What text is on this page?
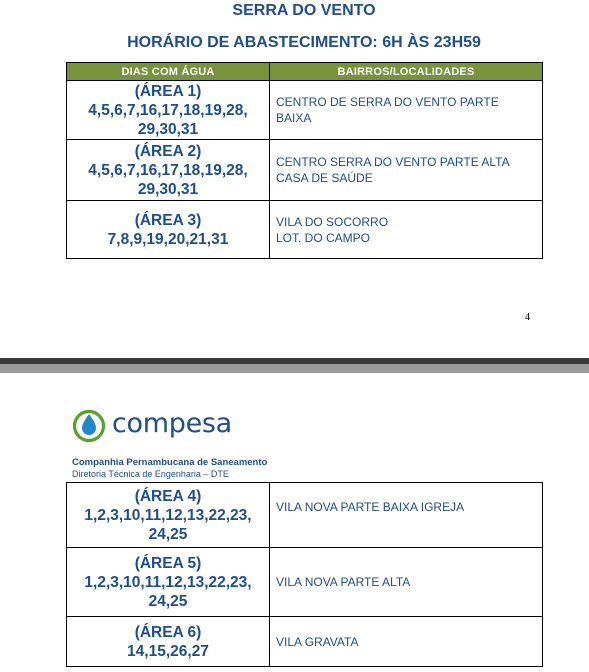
SERRA DO VENTO
HORÁRIO DE ABASTECIMENTO: 6H ÀS 23H59
DIAS COM ÁGUA	BAIRROS/LOCALIDADES

(ÁREA 1)
4,5,6,7,16,17,18,19,28,
29,30,31	CENTRO DE SERRA DO VENTO PARTE
BAIXA

(ÁREA 2)
4,5,6,7,16,17,18,19,28,
29,30,31	CENTRO SERRA DO VENTO PARTE ALTA
CASA DE SAÚDE

(ÁREA 3)
7,8,9,19,20,21,31	VILA DO SOCORRO
LOT. DO CAMPO
4
compesa
Companhia Pernambucana de Saneamento
Diretoria Técnica de Engenharia – DTE
(ÁREA 4)
1,2,3,10,11,12,13,22,23,
24,25	VILA NOVA PARTE BAIXA IGREJA

(ÁREA 5)
1,2,3,10,11,12,13,22,23,
24,25	VILA NOVA PARTE ALTA

(ÁREA 6)
14,15,26,27	VILA GRAVATA
